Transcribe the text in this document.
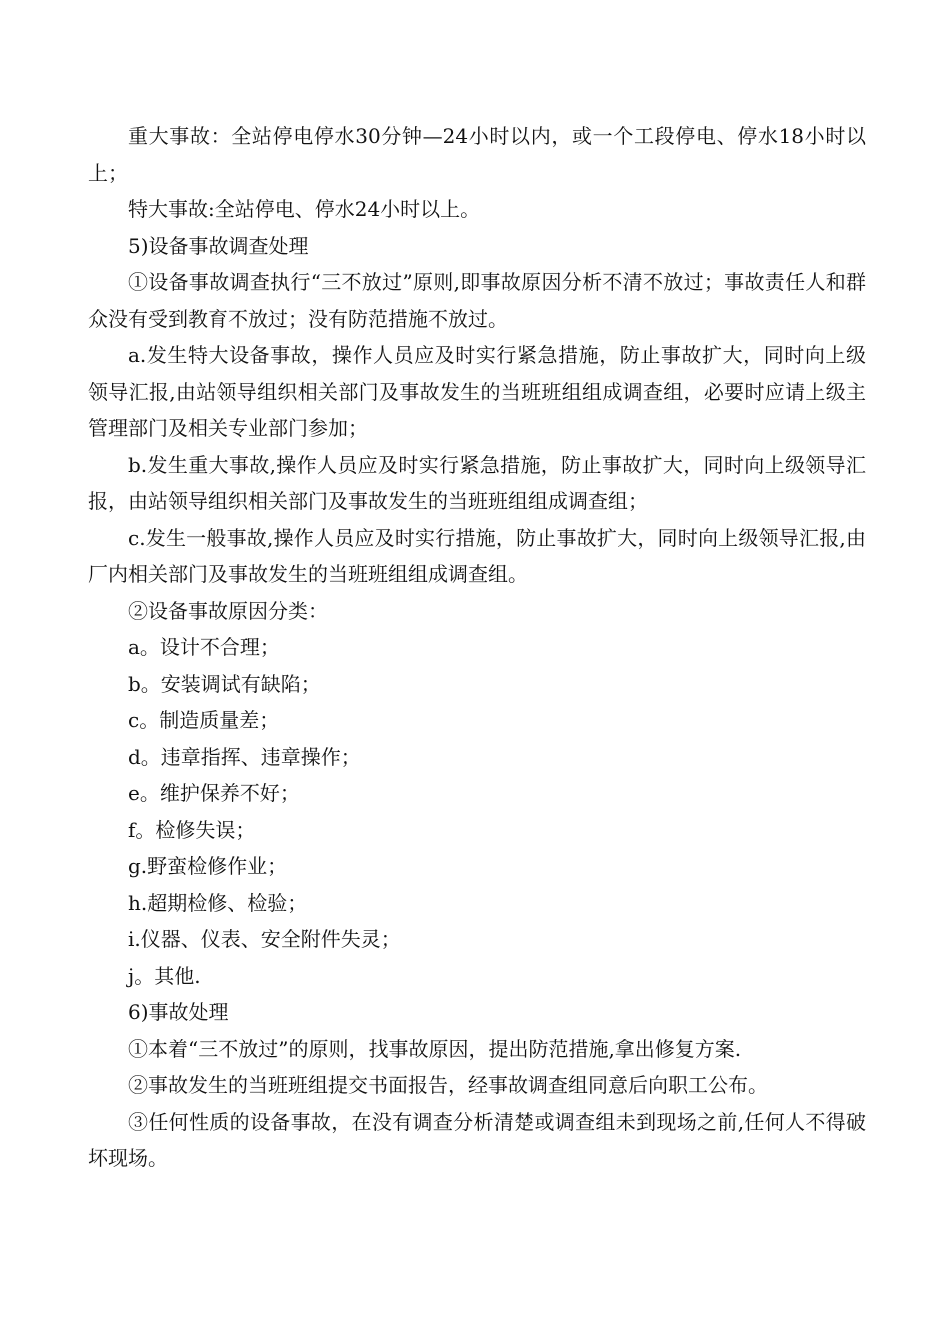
重大事故：全站停电停水30分钟—24小时以内，或一个工段停电、停水18小时以上；

特大事故:全站停电、停水24小时以上。

5)设备事故调查处理

①设备事故调查执行“三不放过”原则,即事故原因分析不清不放过；事故责任人和群众没有受到教育不放过；没有防范措施不放过。

a.发生特大设备事故，操作人员应及时实行紧急措施，防止事故扩大，同时向上级领导汇报,由站领导组织相关部门及事故发生的当班班组组成调查组，必要时应请上级主管理部门及相关专业部门参加；

b.发生重大事故,操作人员应及时实行紧急措施，防止事故扩大，同时向上级领导汇报，由站领导组织相关部门及事故发生的当班班组组成调查组；

c.发生一般事故,操作人员应及时实行措施，防止事故扩大，同时向上级领导汇报,由厂内相关部门及事故发生的当班班组组成调查组。

②设备事故原因分类：

a。设计不合理；

b。安装调试有缺陷；

c。制造质量差；

d。违章指挥、违章操作；

e。维护保养不好；

f。检修失误；

g.野蛮检修作业；

h.超期检修、检验；

i.仪器、仪表、安全附件失灵；

j。其他.

6)事故处理

①本着“三不放过”的原则，找事故原因，提出防范措施,拿出修复方案.

②事故发生的当班班组提交书面报告，经事故调查组同意后向职工公布。

③任何性质的设备事故，在没有调查分析清楚或调查组未到现场之前,任何人不得破坏现场。
